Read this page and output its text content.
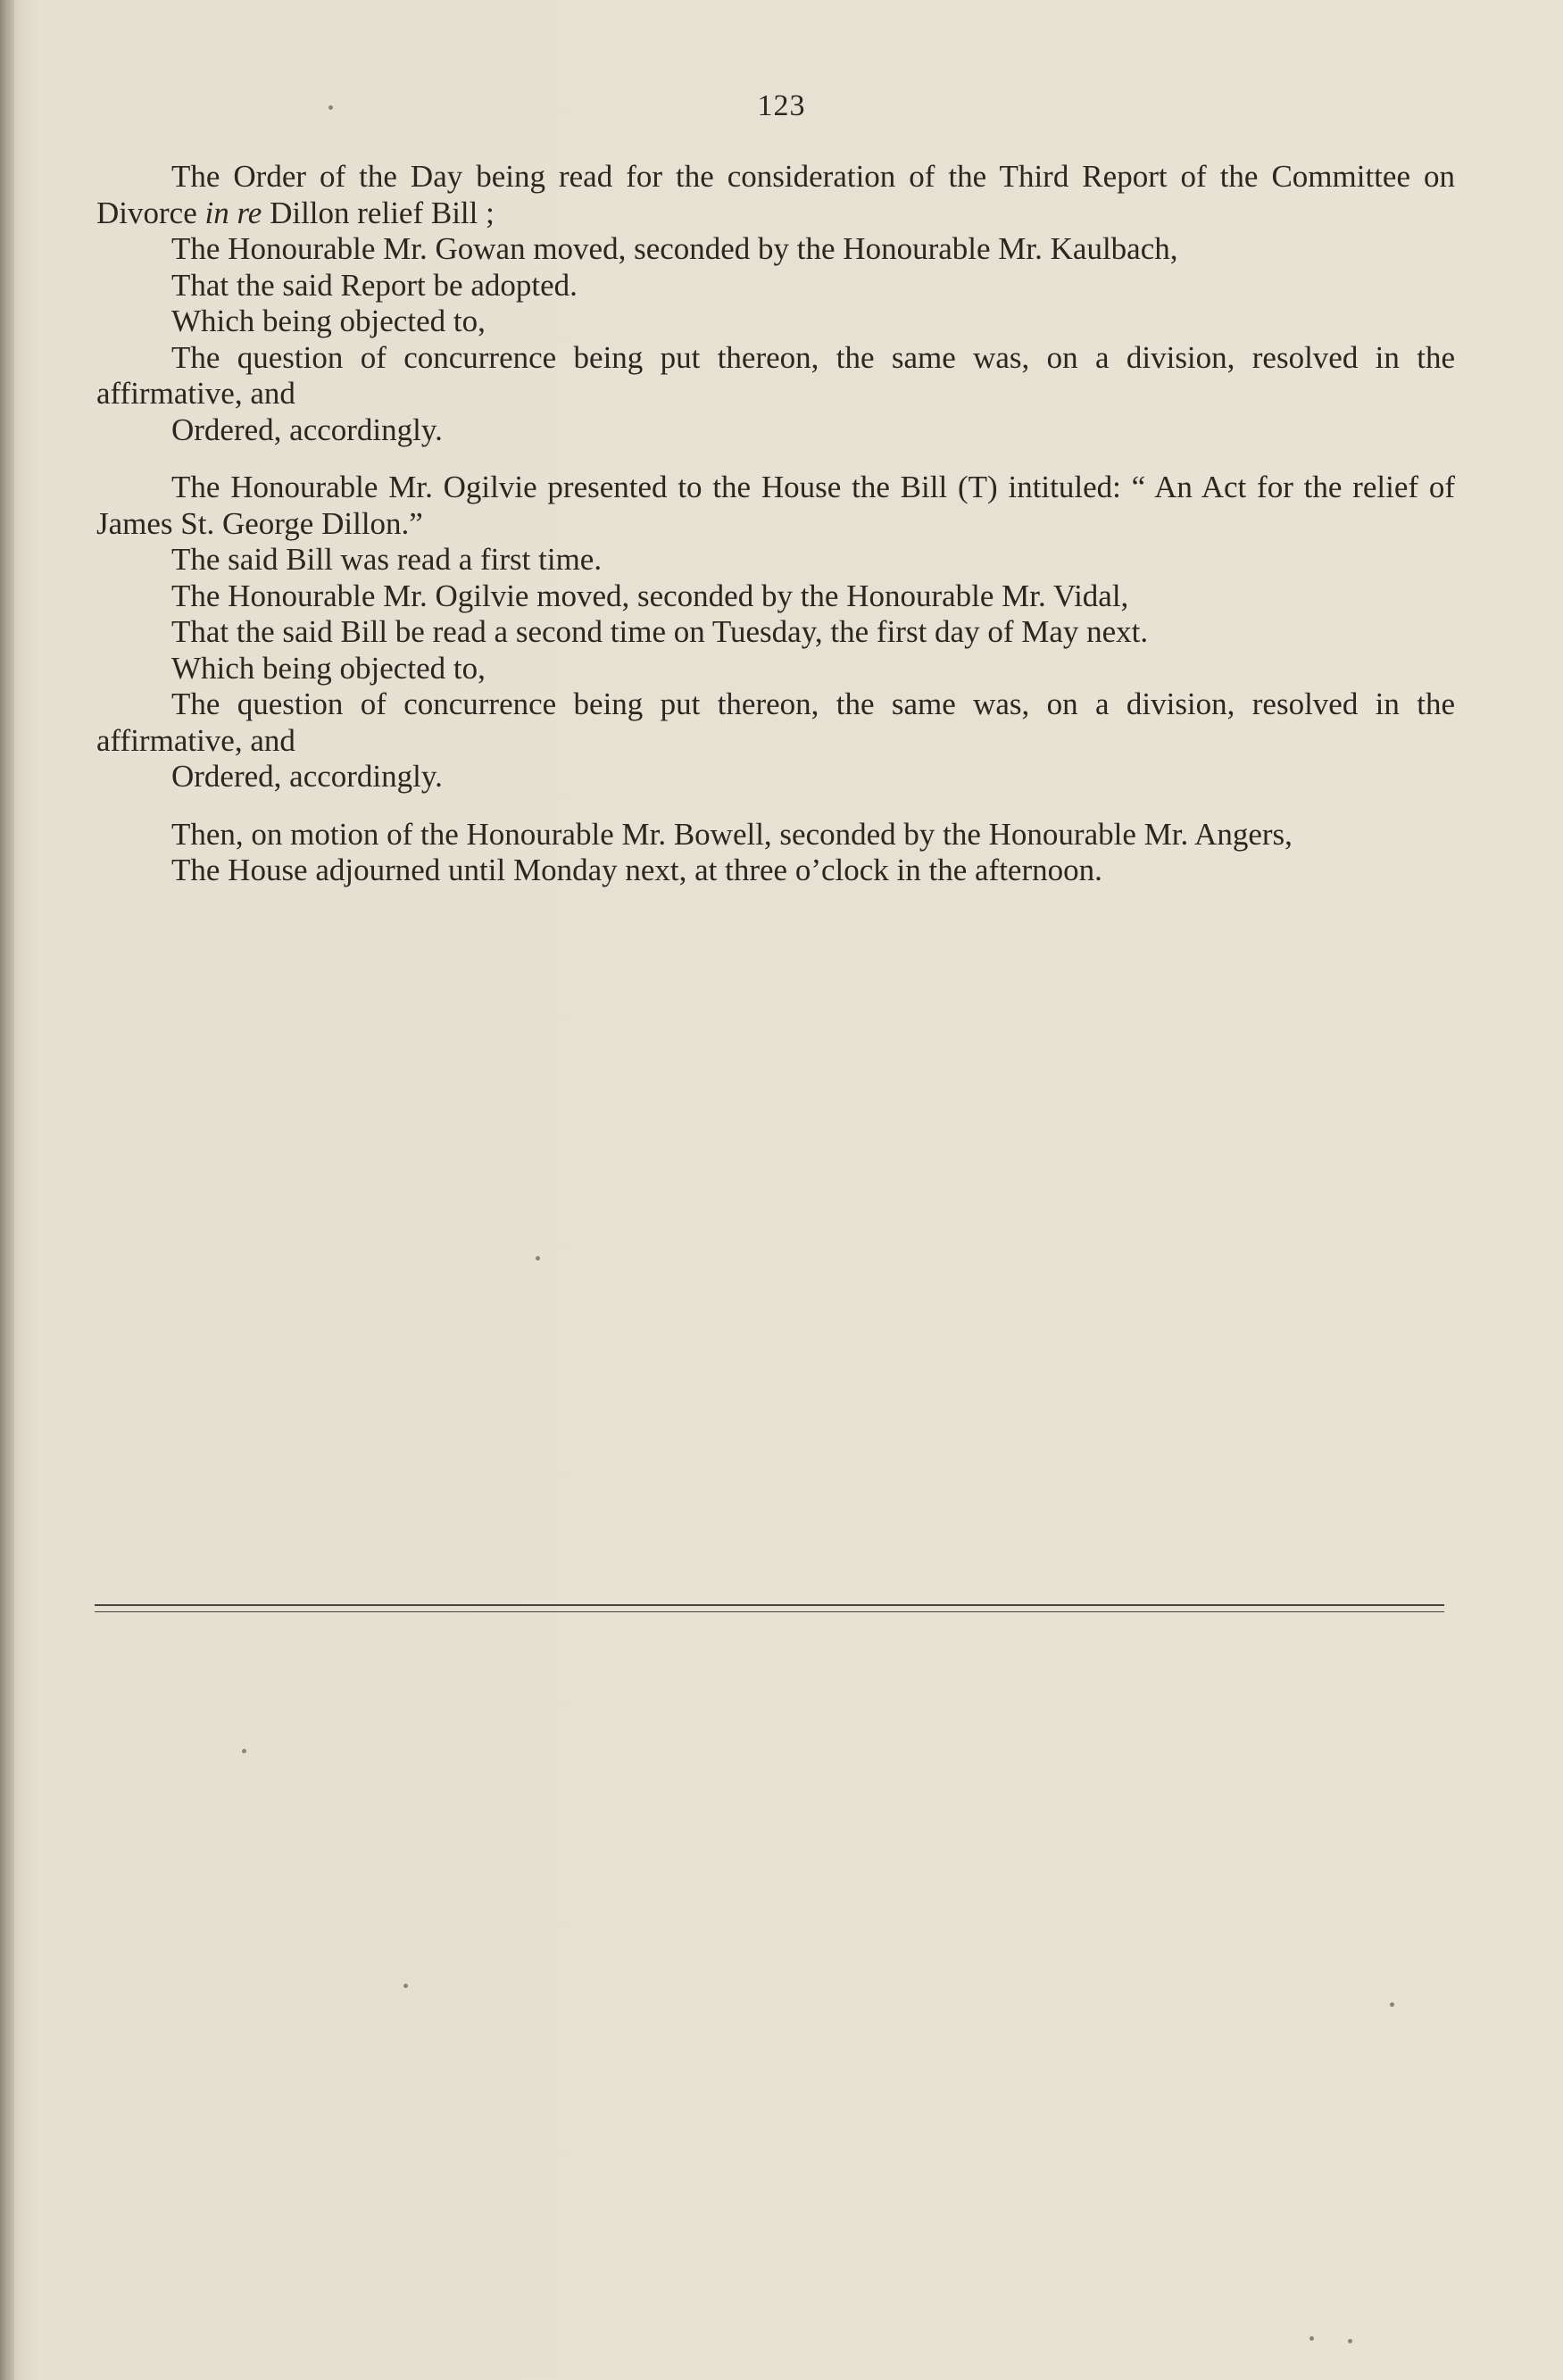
123

The Order of the Day being read for the consideration of the Third Report of the Committee on Divorce in re Dillon relief Bill ;

The Honourable Mr. Gowan moved, seconded by the Honourable Mr. Kaulbach,

That the said Report be adopted.

Which being objected to,

The question of concurrence being put thereon, the same was, on a division, resolved in the affirmative, and

Ordered, accordingly.

The Honourable Mr. Ogilvie presented to the House the Bill (T) intituled: “ An Act for the relief of James St. George Dillon.”

The said Bill was read a first time.

The Honourable Mr. Ogilvie moved, seconded by the Honourable Mr. Vidal,

That the said Bill be read a second time on Tuesday, the first day of May next.

Which being objected to,

The question of concurrence being put thereon, the same was, on a division, resolved in the affirmative, and

Ordered, accordingly.

Then, on motion of the Honourable Mr. Bowell, seconded by the Honourable Mr. Angers,

The House adjourned until Monday next, at three o’clock in the afternoon.
